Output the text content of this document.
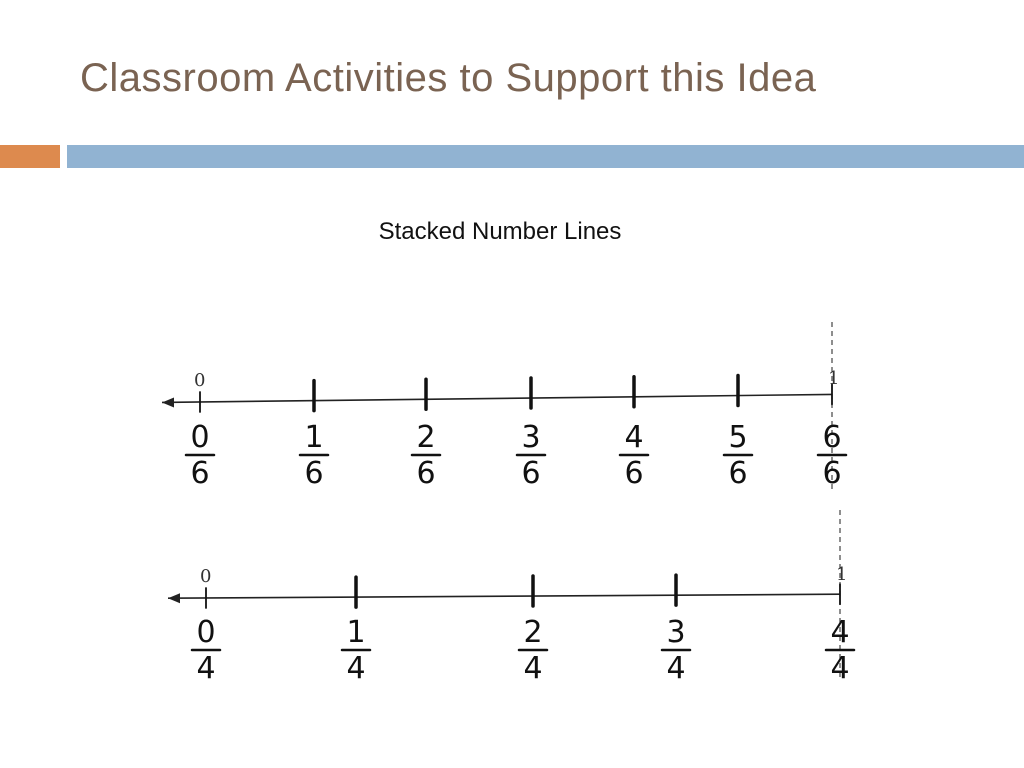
Classroom Activities to Support this Idea
Stacked Number Lines
0	1
0
6
1
6
2
6
3
6
4
6
5
6
6
6
0	1
0
4
1
4
2
4
3
4
4
4
